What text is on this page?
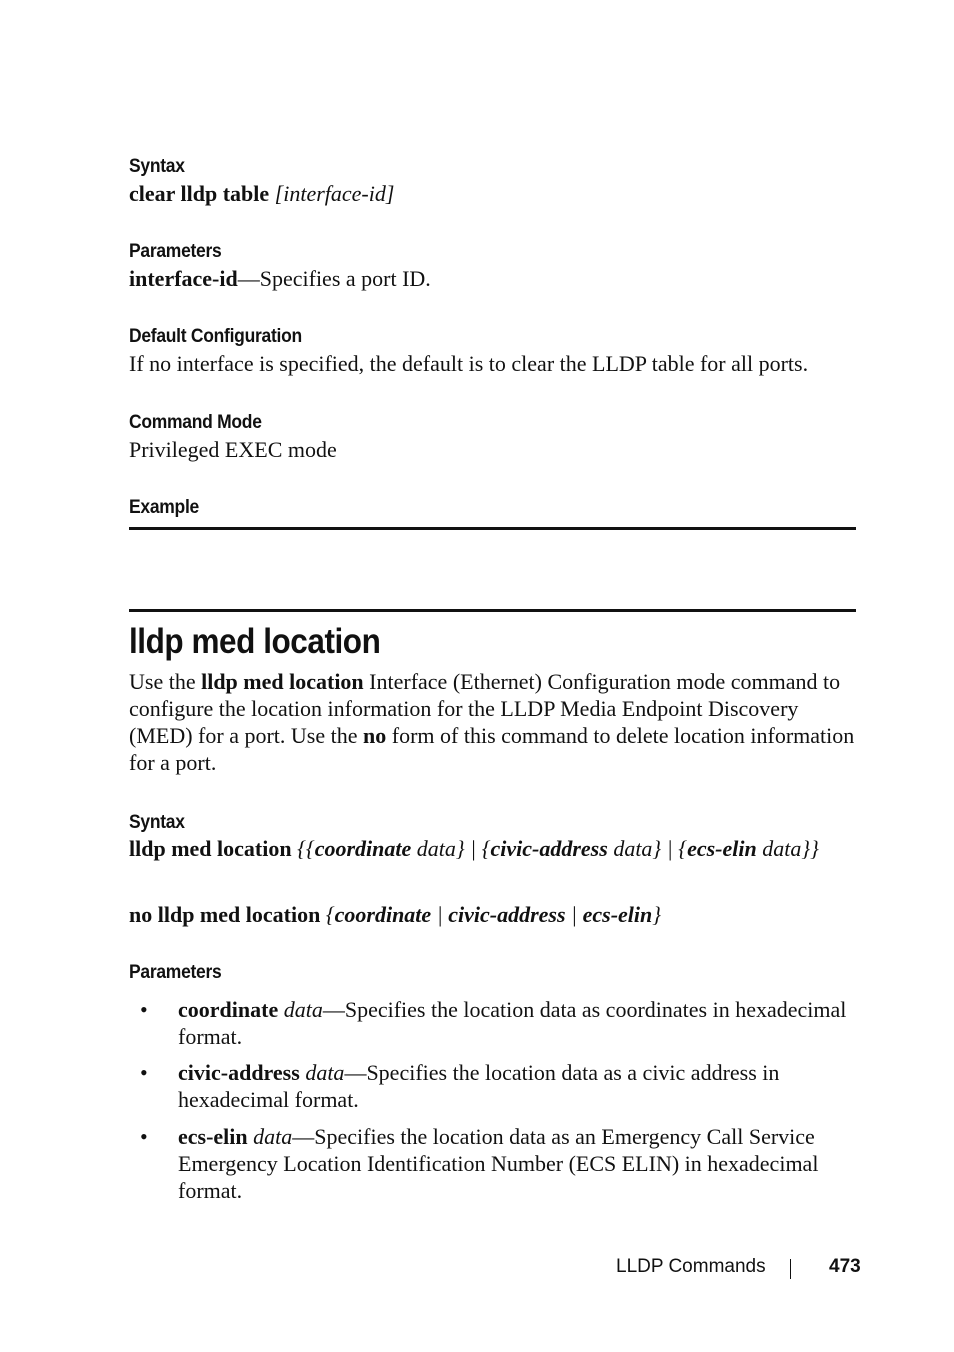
Syntax
clear lldp table [interface-id]
Parameters
interface-id—Specifies a port ID.
Default Configuration
If no interface is specified, the default is to clear the LLDP table for all ports.
Command Mode
Privileged EXEC mode
Example
lldp med location
Use the lldp med location Interface (Ethernet) Configuration mode command to configure the location information for the LLDP Media Endpoint Discovery (MED) for a port. Use the no form of this command to delete location information for a port.
Syntax
lldp med location {{coordinate data} | {civic-address data} | {ecs-elin data}}
no lldp med location {coordinate | civic-address | ecs-elin}
Parameters
• coordinate data—Specifies the location data as coordinates in hexadecimal format.
• civic-address data—Specifies the location data as a civic address in hexadecimal format.
• ecs-elin data—Specifies the location data as an Emergency Call Service Emergency Location Identification Number (ECS ELIN) in hexadecimal format.
LLDP Commands	473
